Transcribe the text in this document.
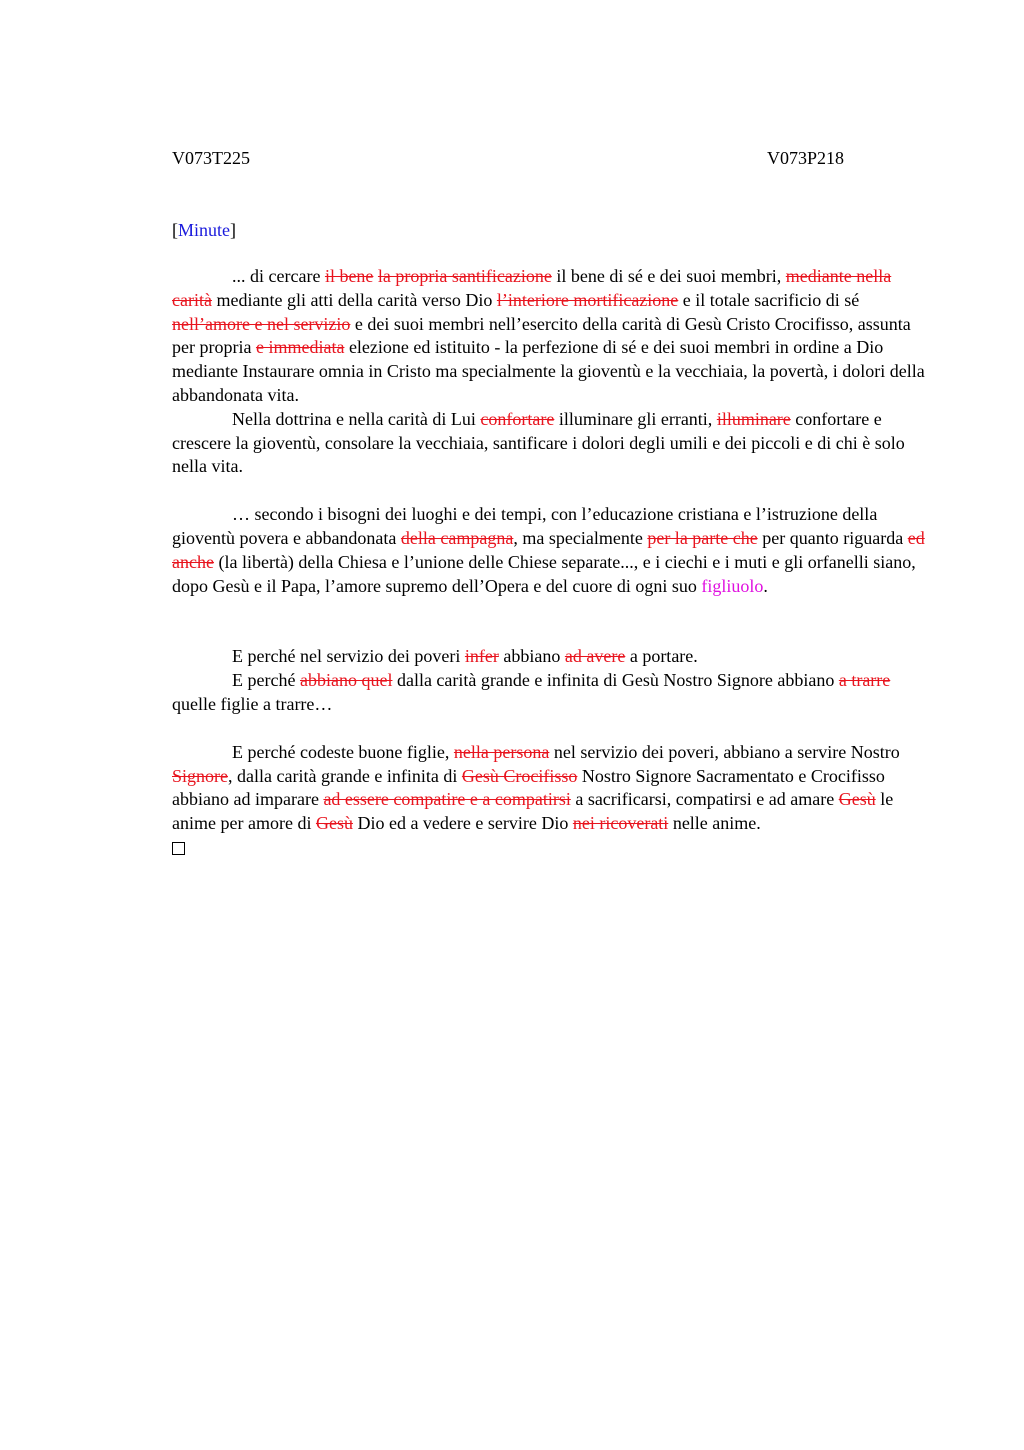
V073T225	V073P218
[Minute]

... di cercare il bene la propria santificazione il bene di sé e dei suoi membri, mediante nella carità mediante gli atti della carità verso Dio l’interiore mortificazione e il totale sacrificio di sé nell’amore e nel servizio e dei suoi membri nell’esercito della carità di Gesù Cristo Crocifisso, assunta per propria e immediata elezione ed istituito - la perfezione di sé e dei suoi membri in ordine a Dio mediante Instaurare omnia in Cristo ma specialmente la gioventù e la vecchiaia, la povertà, i dolori della abbandonata vita.

Nella dottrina e nella carità di Lui confortare illuminare gli erranti, illuminare confortare e crescere la gioventù, consolare la vecchiaia, santificare i dolori degli umili e dei piccoli e di chi è solo nella vita.

… secondo i bisogni dei luoghi e dei tempi, con l’educazione cristiana e l’istruzione della gioventù povera e abbandonata della campagna, ma specialmente per la parte che per quanto riguarda ed anche (la libertà) della Chiesa e l’unione delle Chiese separate..., e i ciechi e i muti e gli orfanelli siano, dopo Gesù e il Papa, l’amore supremo dell’Opera e del cuore di ogni suo figliuolo.

E perché nel servizio dei poveri infer abbiano ad avere a portare.

E perché abbiano quel dalla carità grande e infinita di Gesù Nostro Signore abbiano a trarre quelle figlie a trarre…

E perché codeste buone figlie, nella persona nel servizio dei poveri, abbiano a servire Nostro Signore, dalla carità grande e infinita di Gesù Crocifisso Nostro Signore Sacramentato e Crocifisso abbiano ad imparare ad essere compatire e a compatirsi a sacrificarsi, compatirsi e ad amare Gesù le anime per amore di Gesù Dio ed a vedere e servire Dio nei ricoverati nelle anime.
